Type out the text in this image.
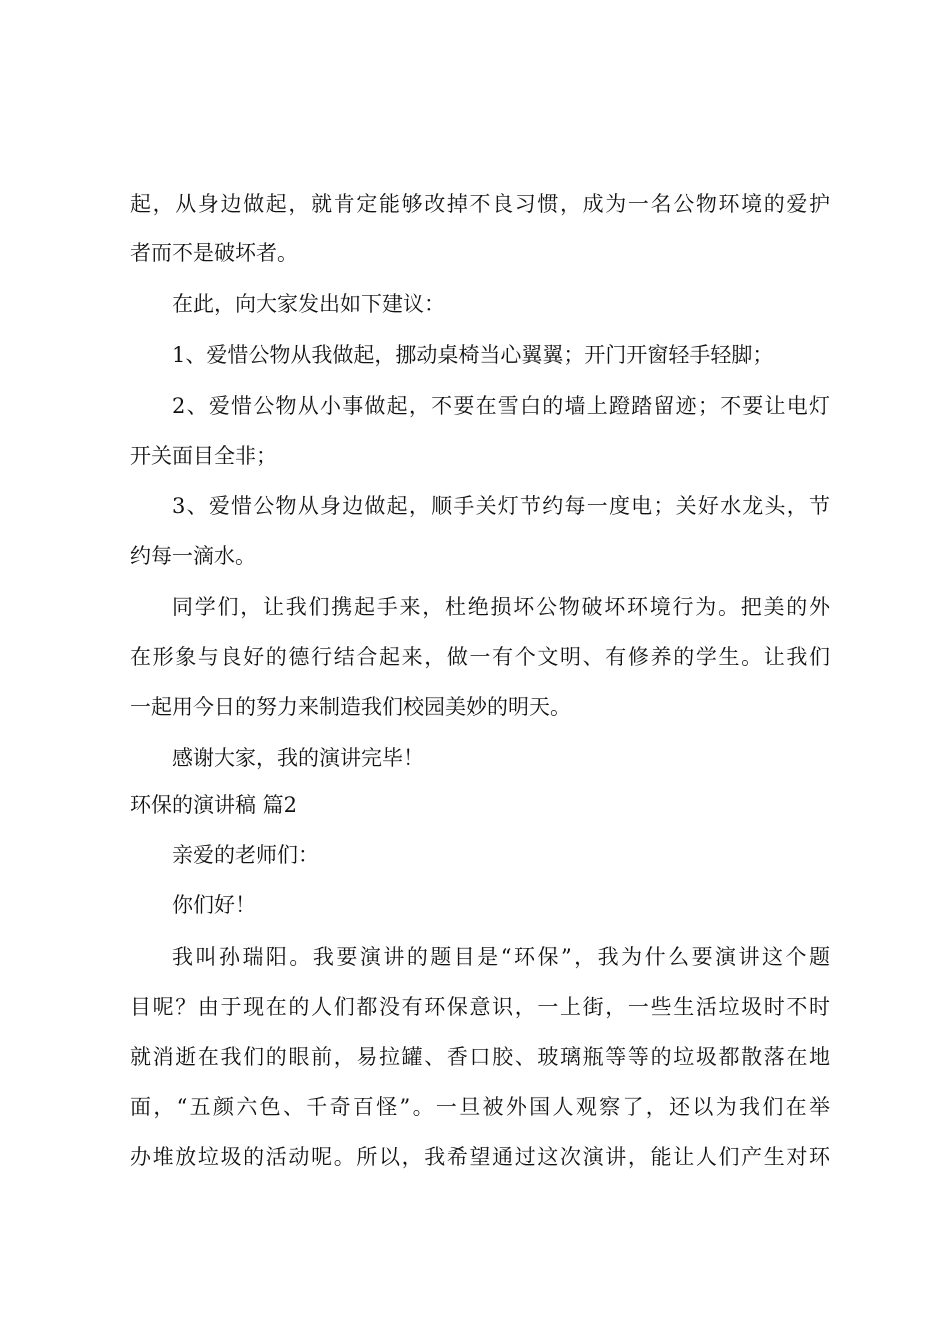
起，从身边做起，就肯定能够改掉不良习惯，成为一名公物环境的爱护
者而不是破坏者。
在此，向大家发出如下建议：
1、爱惜公物从我做起，挪动桌椅当心翼翼；开门开窗轻手轻脚；
2、爱惜公物从小事做起，不要在雪白的墙上蹬踏留迹；不要让电灯
开关面目全非；
3、爱惜公物从身边做起，顺手关灯节约每一度电；关好水龙头，节
约每一滴水。
同学们，让我们携起手来，杜绝损坏公物破坏环境行为。把美的外
在形象与良好的德行结合起来，做一有个文明、有修养的学生。让我们
一起用今日的努力来制造我们校园美妙的明天。
感谢大家，我的演讲完毕！
环保的演讲稿 篇2
亲爱的老师们：
你们好！
我叫孙瑞阳。我要演讲的题目是“环保”，我为什么要演讲这个题
目呢？由于现在的人们都没有环保意识，一上街，一些生活垃圾时不时
就消逝在我们的眼前，易拉罐、香口胶、玻璃瓶等等的垃圾都散落在地
面，“五颜六色、千奇百怪”。一旦被外国人观察了，还以为我们在举
办堆放垃圾的活动呢。所以，我希望通过这次演讲，能让人们产生对环
